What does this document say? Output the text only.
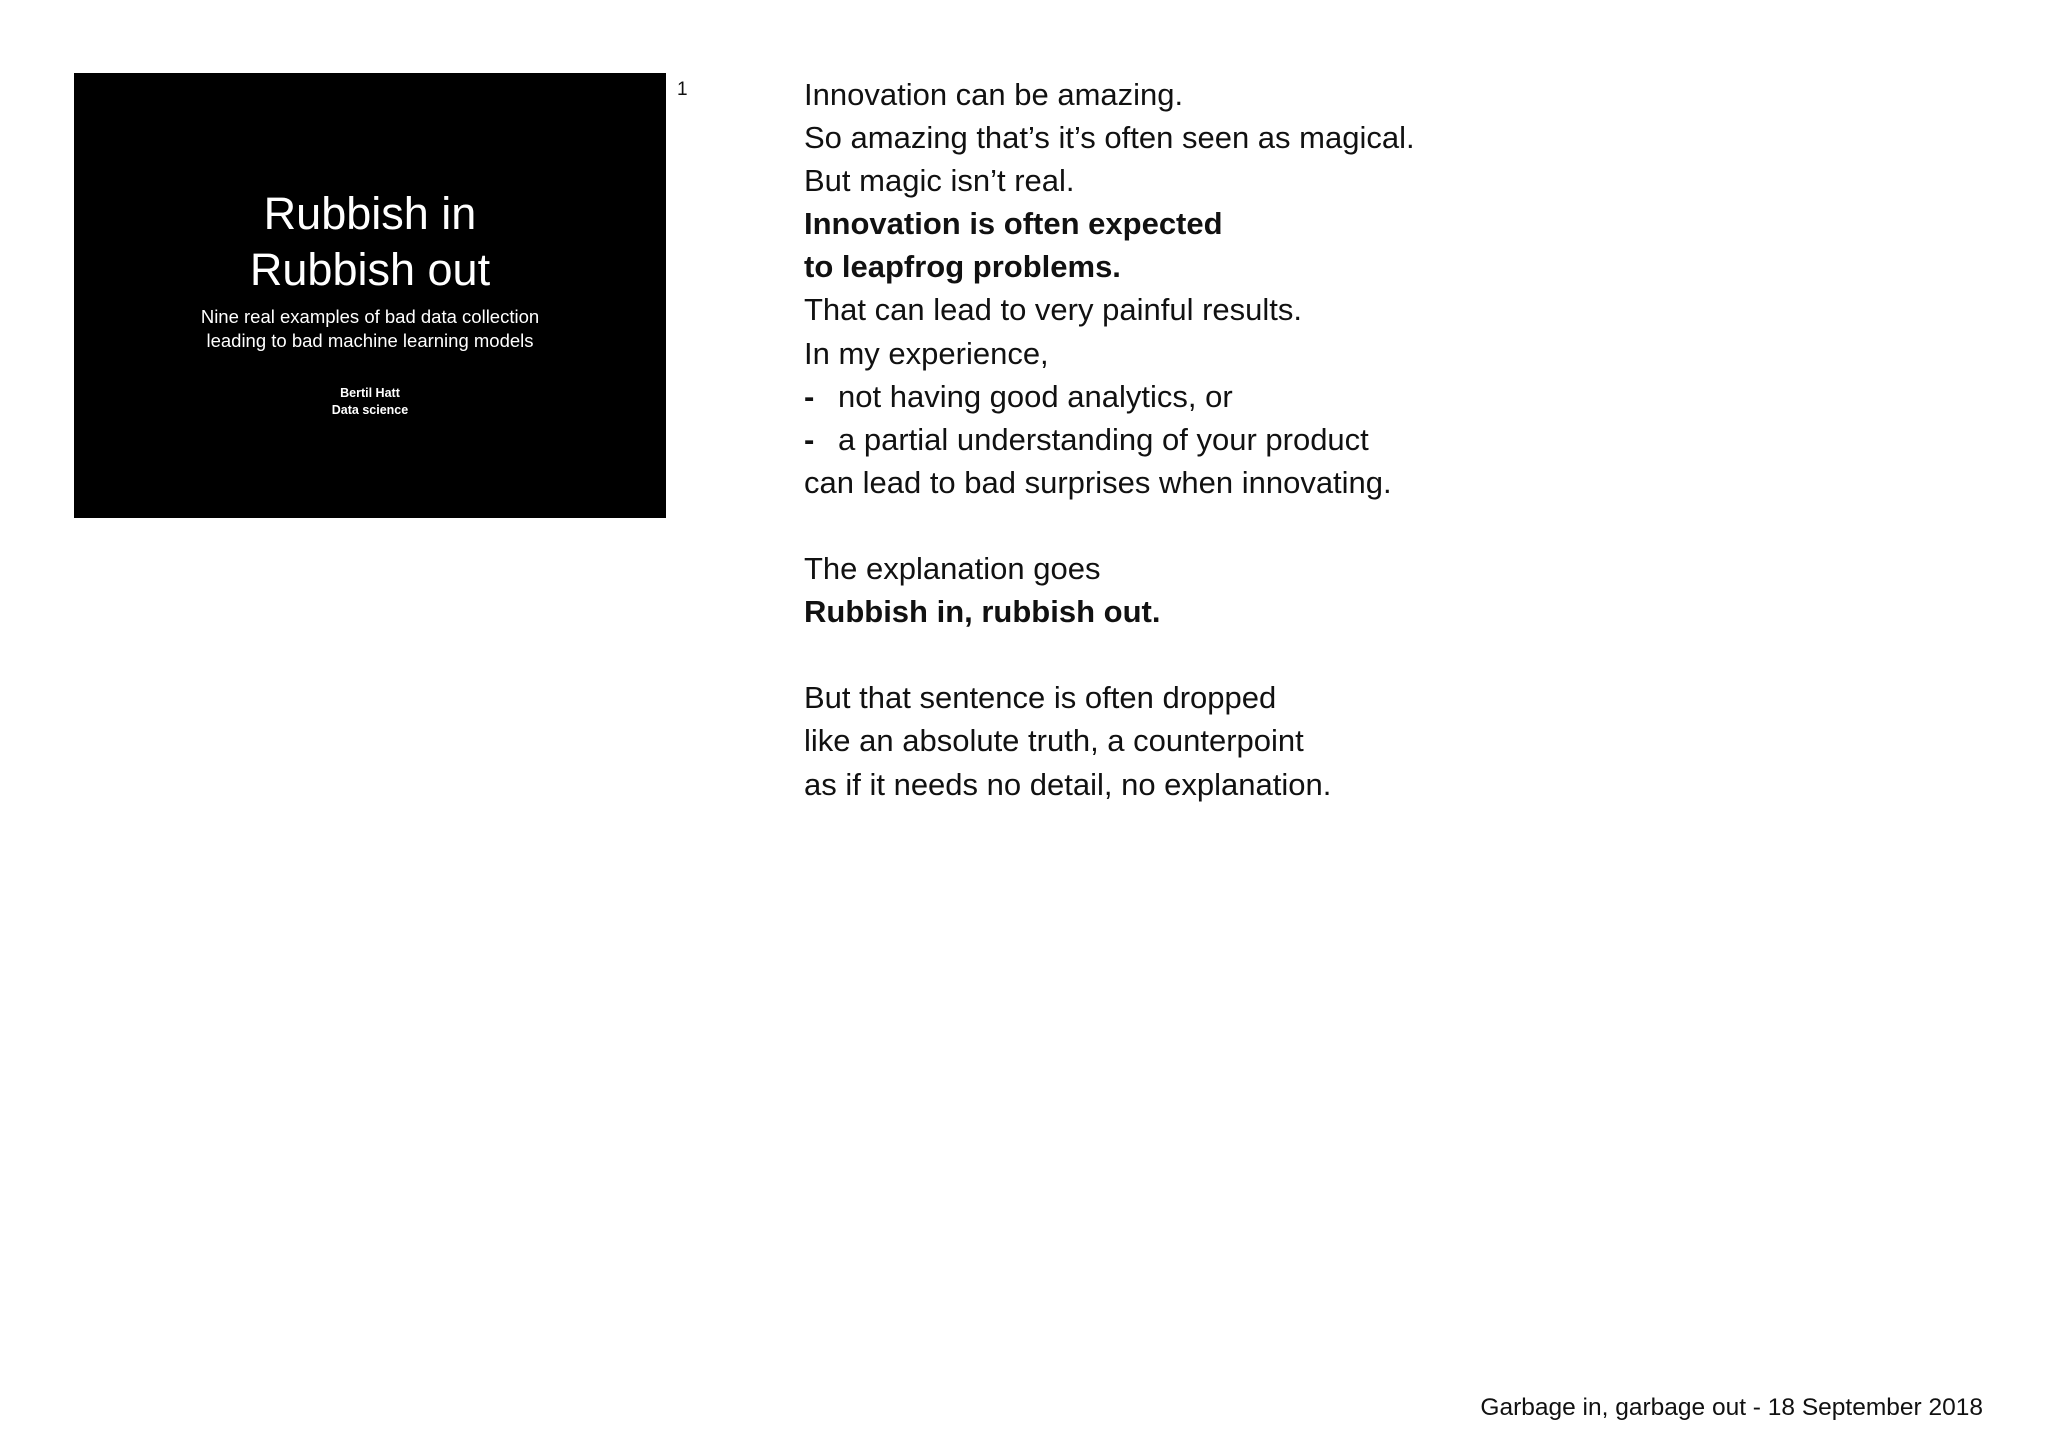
Rubbish in
Rubbish out
Nine real examples of bad data collection
leading to bad machine learning models
Bertil Hatt
Data science
1	Innovation can be amazing.
So amazing that’s it’s often seen as magical.
But magic isn’t real.
Innovation is often expected
to leapfrog problems.
That can lead to very painful results.
In my experience,
- not having good analytics, or
- a partial understanding of your product
can lead to bad surprises when innovating.
The explanation goes
Rubbish in, rubbish out.
But that sentence is often dropped
like an absolute truth, a counterpoint
as if it needs no detail, no explanation.
Garbage in, garbage out - 18 September 2018
